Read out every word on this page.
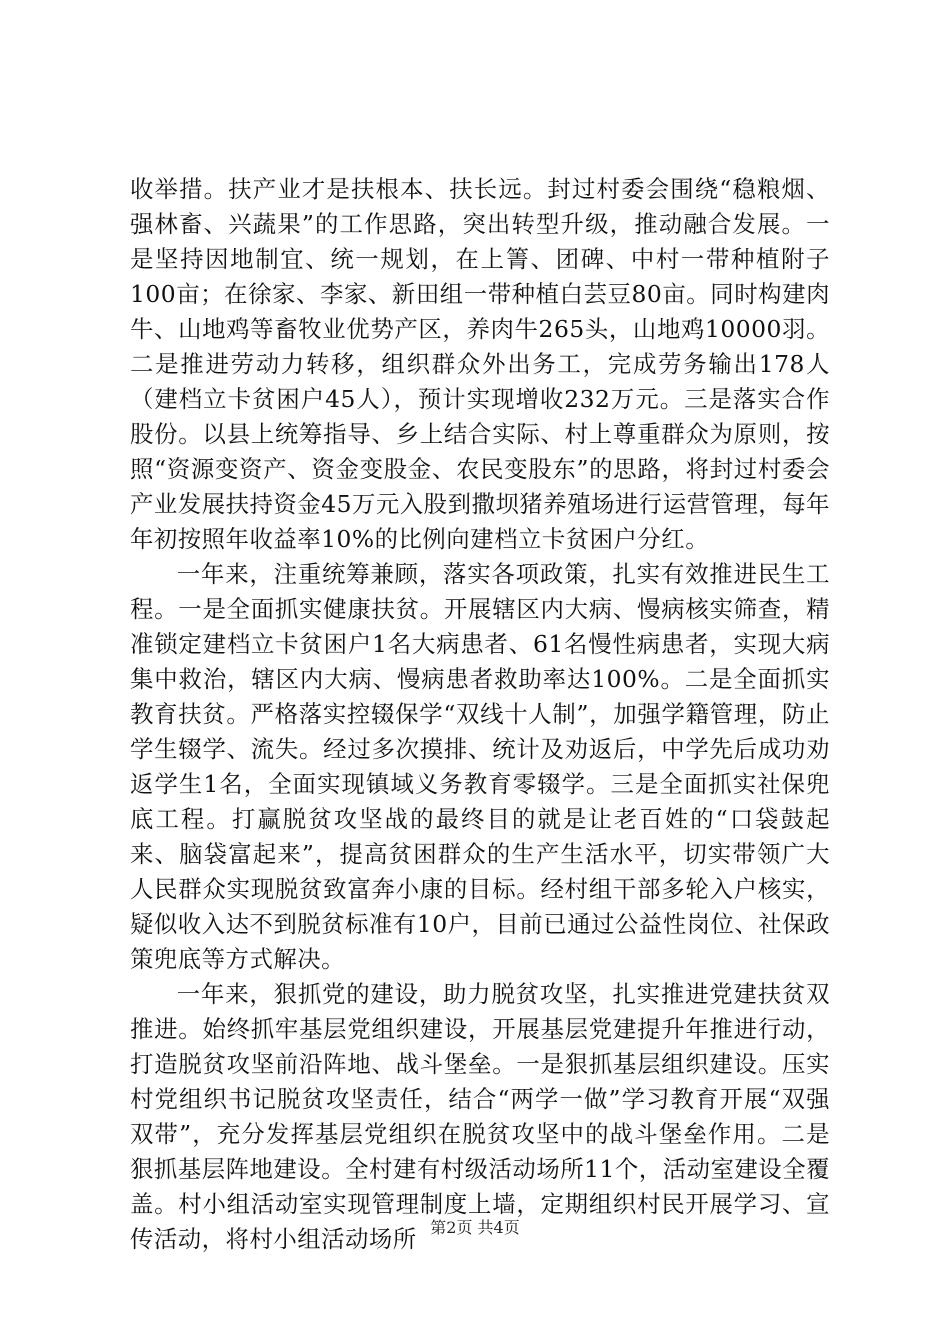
收举措。扶产业才是扶根本、扶长远。封过村委会围绕“稳粮烟、强林畜、兴蔬果”的工作思路，突出转型升级，推动融合发展。一是坚持因地制宜、统一规划，在上箐、团碑、中村一带种植附子100亩；在徐家、李家、新田组一带种植白芸豆80亩。同时构建肉牛、山地鸡等畜牧业优势产区，养肉牛265头，山地鸡10000羽。二是推进劳动力转移，组织群众外出务工，完成劳务输出178人（建档立卡贫困户45人），预计实现增收232万元。三是落实合作股份。以县上统筹指导、乡上结合实际、村上尊重群众为原则，按照“资源变资产、资金变股金、农民变股东”的思路，将封过村委会产业发展扶持资金45万元入股到撒坝猪养殖场进行运营管理，每年年初按照年收益率10%的比例向建档立卡贫困户分红。

一年来，注重统筹兼顾，落实各项政策，扎实有效推进民生工程。一是全面抓实健康扶贫。开展辖区内大病、慢病核实筛查，精准锁定建档立卡贫困户1名大病患者、61名慢性病患者，实现大病集中救治，辖区内大病、慢病患者救助率达100%。二是全面抓实教育扶贫。严格落实控辍保学“双线十人制”，加强学籍管理，防止学生辍学、流失。经过多次摸排、统计及劝返后，中学先后成功劝返学生1名，全面实现镇域义务教育零辍学。三是全面抓实社保兜底工程。打赢脱贫攻坚战的最终目的就是让老百姓的“口袋鼓起来、脑袋富起来”，提高贫困群众的生产生活水平，切实带领广大人民群众实现脱贫致富奔小康的目标。经村组干部多轮入户核实，疑似收入达不到脱贫标准有10户，目前已通过公益性岗位、社保政策兜底等方式解决。

一年来，狠抓党的建设，助力脱贫攻坚，扎实推进党建扶贫双推进。始终抓牢基层党组织建设，开展基层党建提升年推进行动，打造脱贫攻坚前沿阵地、战斗堡垒。一是狠抓基层组织建设。压实村党组织书记脱贫攻坚责任，结合“两学一做”学习教育开展“双强双带”，充分发挥基层党组织在脱贫攻坚中的战斗堡垒作用。二是狠抓基层阵地建设。全村建有村级活动场所11个，活动室建设全覆盖。村小组活动室实现管理制度上墙，定期组织村民开展学习、宣传活动，将村小组活动场所 第2页 共4页
